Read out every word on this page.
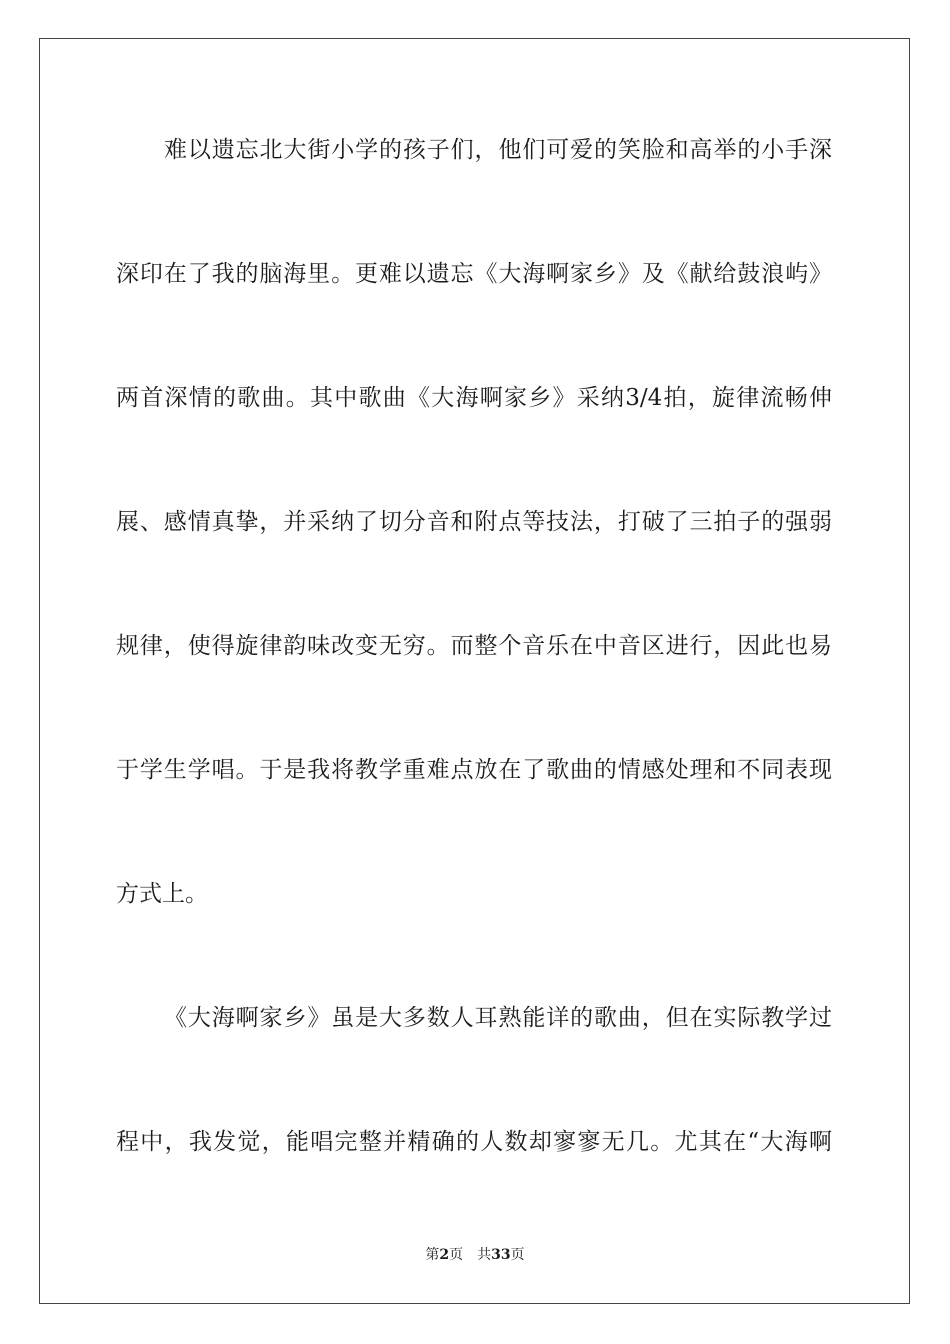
难以遗忘北大街小学的孩子们，他们可爱的笑脸和高举的小手深
深印在了我的脑海里。更难以遗忘《大海啊家乡》及《献给鼓浪屿》
两首深情的歌曲。其中歌曲《大海啊家乡》采纳3/4拍，旋律流畅伸
展、感情真挚，并采纳了切分音和附点等技法，打破了三拍子的强弱
规律，使得旋律韵味改变无穷。而整个音乐在中音区进行，因此也易
于学生学唱。于是我将教学重难点放在了歌曲的情感处理和不同表现
方式上。
《大海啊家乡》虽是大多数人耳熟能详的歌曲，但在实际教学过
程中，我发觉，能唱完整并精确的人数却寥寥无几。尤其在“大海啊
第2页 共33页
